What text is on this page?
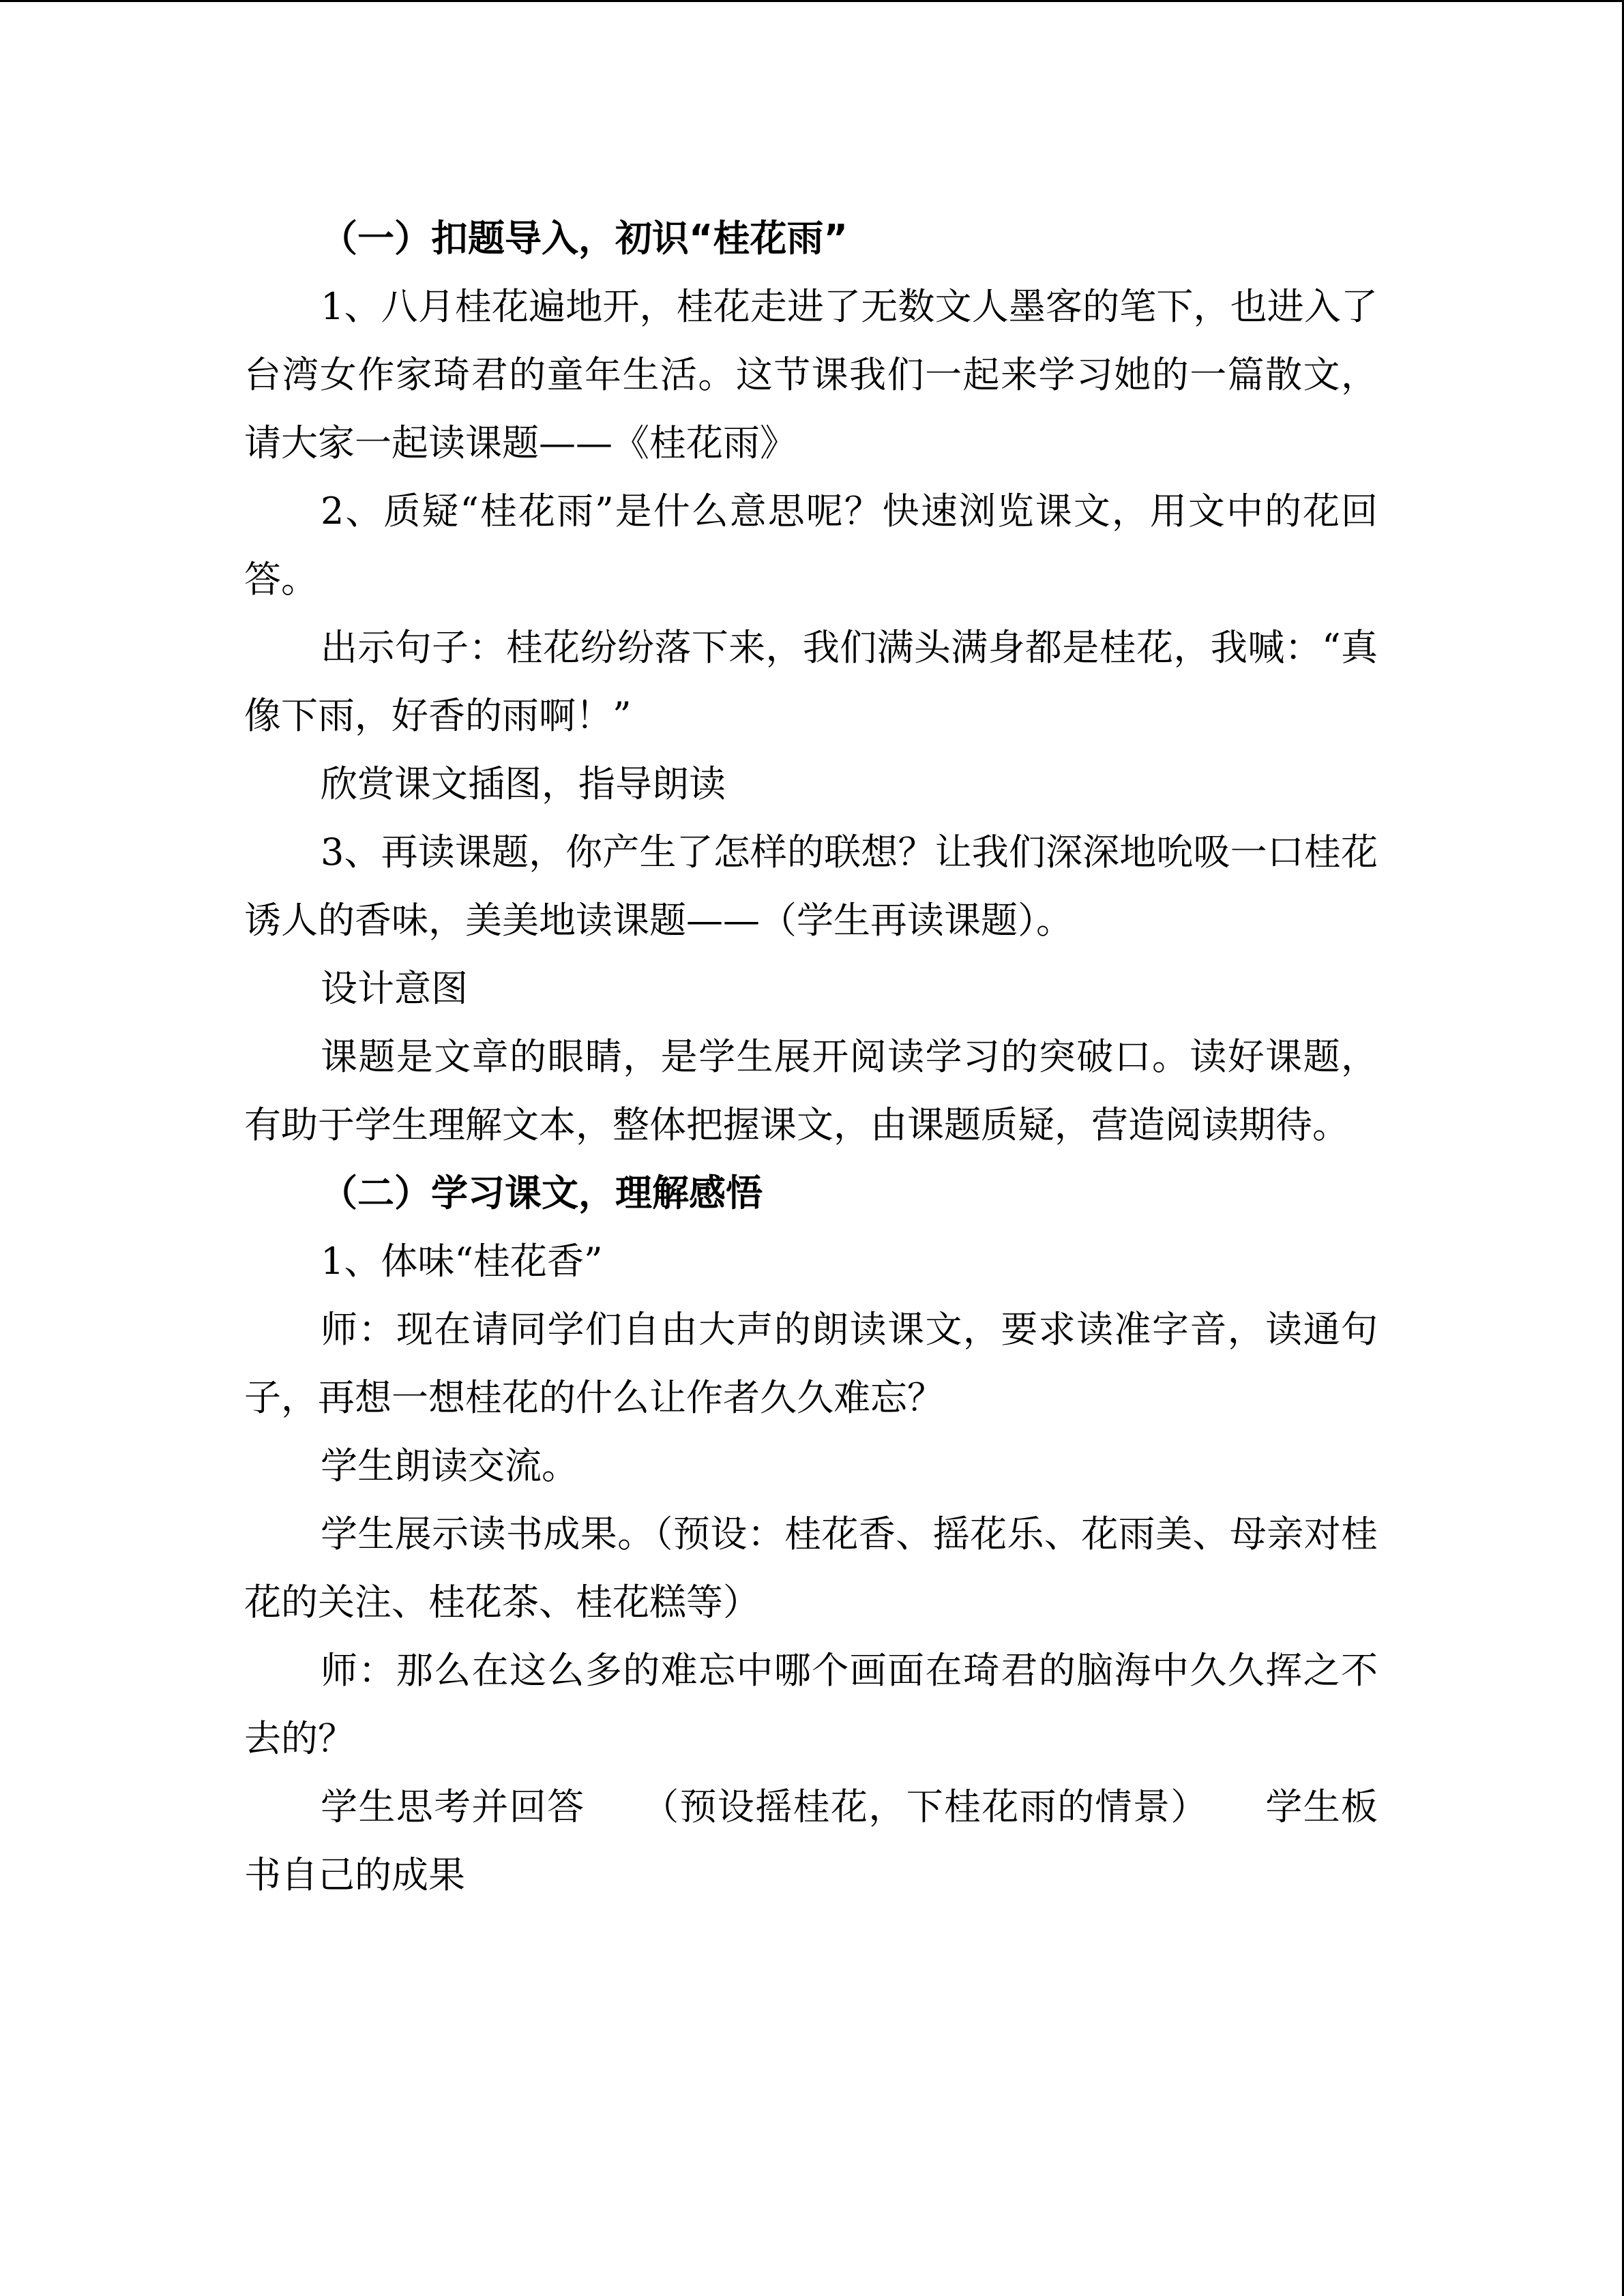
（一）扣题导入，初识“桂花雨”

1、八月桂花遍地开，桂花走进了无数文人墨客的笔下，也进入了台湾女作家琦君的童年生活。这节课我们一起来学习她的一篇散文，请大家一起读课题——《桂花雨》

2、质疑“桂花雨”是什么意思呢？快速浏览课文，用文中的花回答。

出示句子：桂花纷纷落下来，我们满头满身都是桂花，我喊：“真像下雨，好香的雨啊！”

欣赏课文插图，指导朗读

3、再读课题，你产生了怎样的联想？让我们深深地吮吸一口桂花诱人的香味，美美地读课题——（学生再读课题）。

设计意图

课题是文章的眼睛，是学生展开阅读学习的突破口。读好课题，有助于学生理解文本，整体把握课文，由课题质疑，营造阅读期待。

（二）学习课文，理解感悟

1、体味“桂花香”

师：现在请同学们自由大声的朗读课文，要求读准字音，读通句子，再想一想桂花的什么让作者久久难忘？

学生朗读交流。

学生展示读书成果。（预设：桂花香、摇花乐、花雨美、母亲对桂花的关注、桂花茶、桂花糕等）

师：那么在这么多的难忘中哪个画面在琦君的脑海中久久挥之不去的？

学生思考并回答　　（预设摇桂花，下桂花雨的情景）　　学生板书自己的成果
